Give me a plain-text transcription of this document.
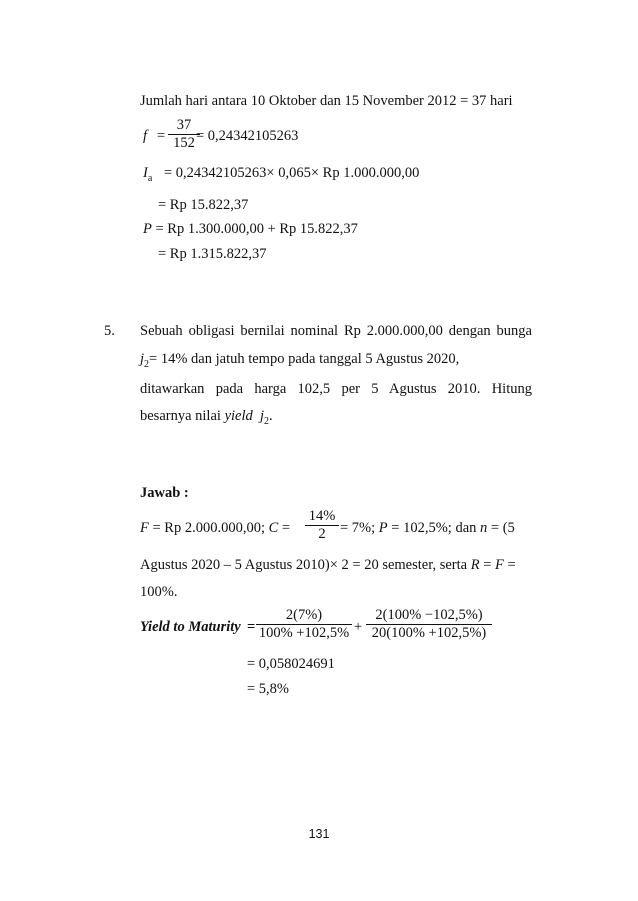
Jumlah hari antara 10 Oktober dan 15 November 2012 = 37 hari
$f = \frac{37}{152}$
= 0,24342105263
$I_a = 0,24342105263\times 0,065\times Rp$ 1.000.000,00
= Rp 15.822,37
P = Rp 1.300.000,00 + Rp 15.822,37
= Rp 1.315.822,37
5. Sebuah obligasi bernilai nominal Rp 2.000.000,00 dengan bunga
$j_2= 14\%$ dan jatuh tempo pada tanggal 5 Agustus 2020,
ditawarkan pada harga 102,5 per 5 Agustus 2010. Hitung
besarnya nilai yield $j_2$.
Jawab :
F = Rp 2.000.000,00; $C = \frac{14\%}{2} = 7\%$; P = 102,5%; dan n = (5
Agustus 2020 – 5 Agustus 2010)× 2 = 20 semester, serta R = F =
100%.
Yield to Maturity = $\frac{2(7\%)}{100\% +102,5\%} + \frac{2(100\% -102,5\%)}{20(100\% +102,5\%)}$
= 0,058024691
= 5,8%
131
